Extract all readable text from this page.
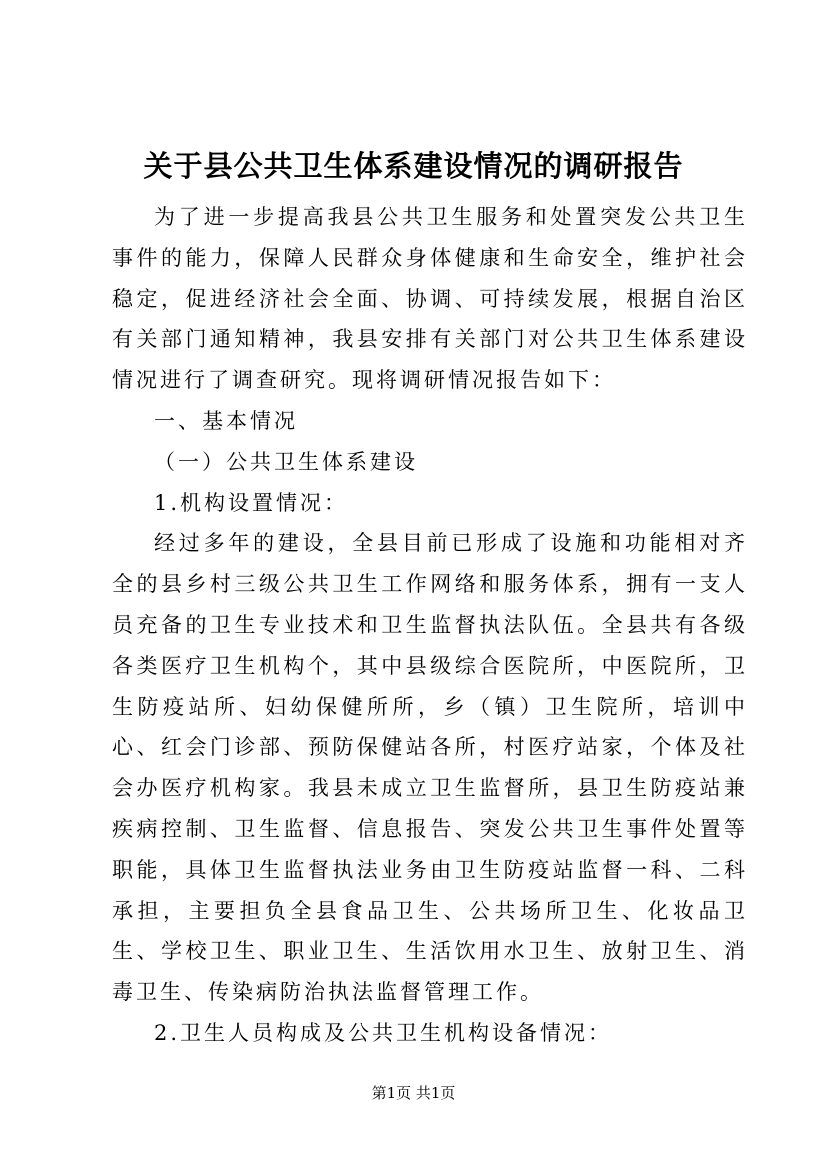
关于县公共卫生体系建设情况的调研报告

为了进一步提高我县公共卫生服务和处置突发公共卫生事件的能力，保障人民群众身体健康和生命安全，维护社会稳定，促进经济社会全面、协调、可持续发展，根据自治区有关部门通知精神，我县安排有关部门对公共卫生体系建设情况进行了调查研究。现将调研情况报告如下：

一、基本情况

（一）公共卫生体系建设

1.机构设置情况：

经过多年的建设，全县目前已形成了设施和功能相对齐全的县乡村三级公共卫生工作网络和服务体系，拥有一支人员充备的卫生专业技术和卫生监督执法队伍。全县共有各级各类医疗卫生机构个，其中县级综合医院所，中医院所，卫生防疫站所、妇幼保健所所，乡（镇）卫生院所，培训中心、红会门诊部、预防保健站各所，村医疗站家，个体及社会办医疗机构家。我县未成立卫生监督所，县卫生防疫站兼疾病控制、卫生监督、信息报告、突发公共卫生事件处置等职能，具体卫生监督执法业务由卫生防疫站监督一科、二科承担，主要担负全县食品卫生、公共场所卫生、化妆品卫生、学校卫生、职业卫生、生活饮用水卫生、放射卫生、消毒卫生、传染病防治执法监督管理工作。

2.卫生人员构成及公共卫生机构设备情况：

第1页 共1页
